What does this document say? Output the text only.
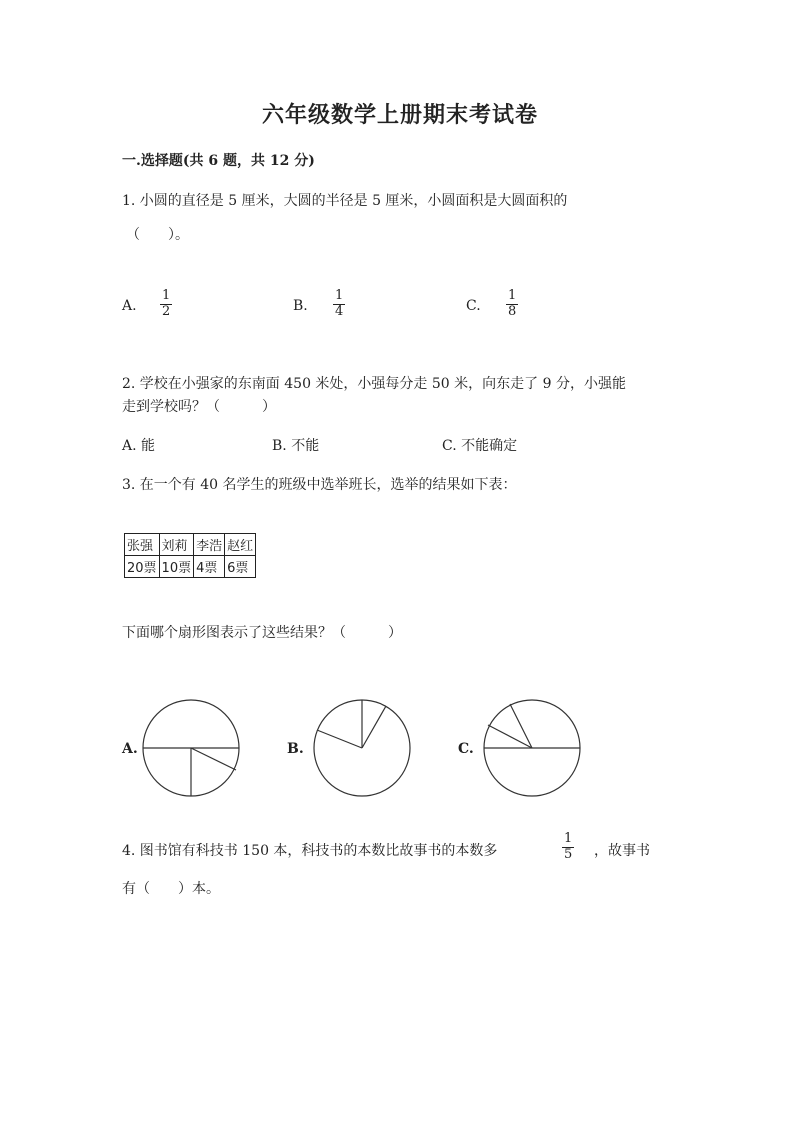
六年级数学上册期末考试卷
一.选择题(共 6 题，共 12 分)
1. 小圆的直径是 5 厘米，大圆的半径是 5 厘米，小圆面积是大圆面积的
（　　）。
A. $\frac{1}{2}$	B. $\frac{1}{4}$	C. $\frac{1}{8}$
2. 学校在小强家的东南面 450 米处，小强每分走 50 米，向东走了 9 分，小强能
走到学校吗？（　　　）
A. 能	B. 不能	C. 不能确定
3. 在一个有 40 名学生的班级中选举班长，选举的结果如下表：
张强	刘莉	李浩	赵红
20票	10票	4票	6票
下面哪个扇形图表示了这些结果？（　　　）
A.	B.	C.
4. 图书馆有科技书 150 本，科技书的本数比故事书的本数多	$\frac{1}{5}$ ，故事书
有（　　）本。
